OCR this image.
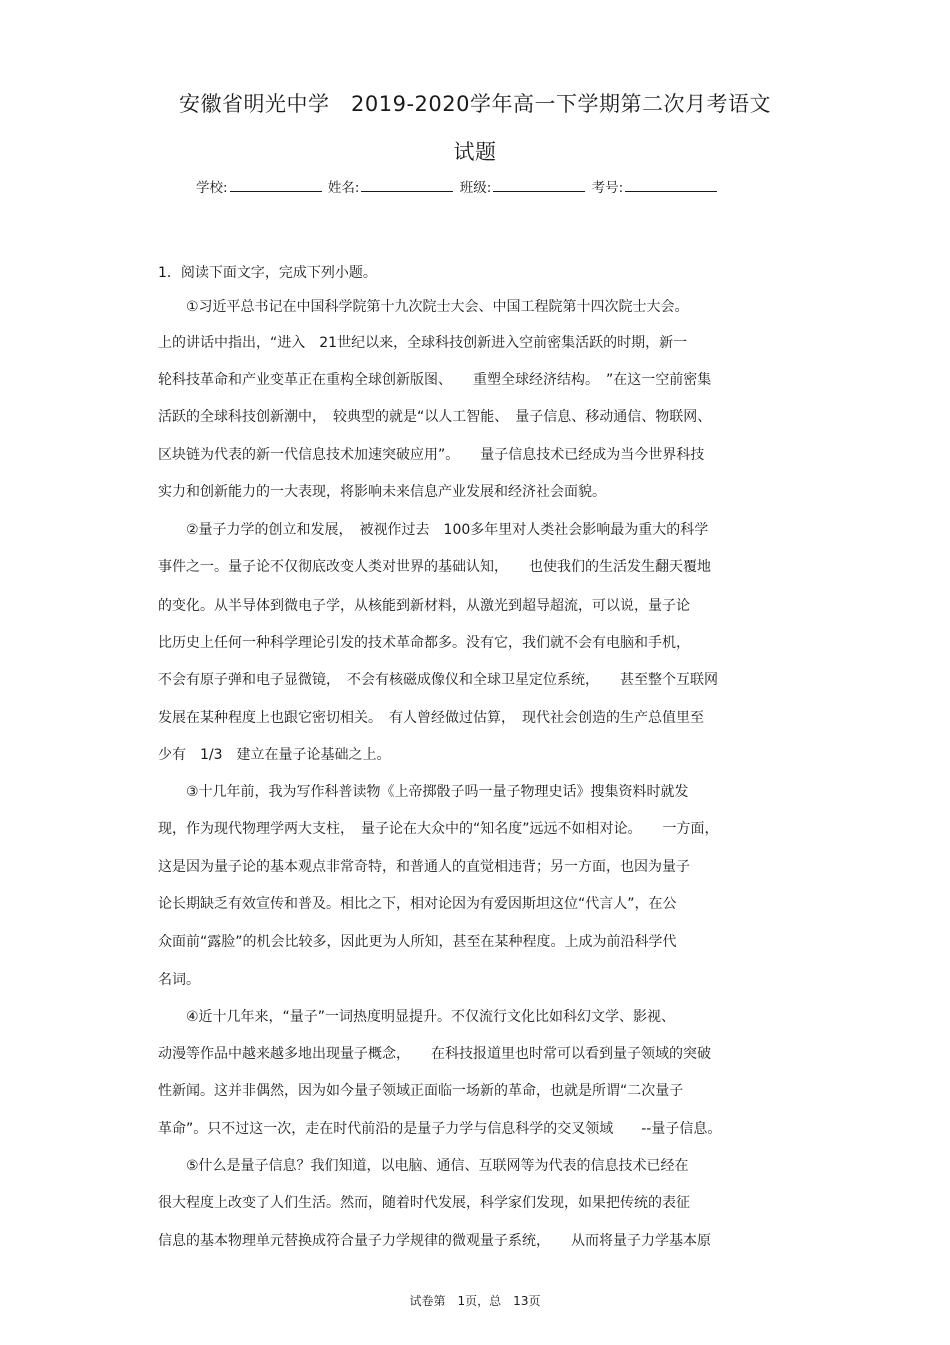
安徽省明光中学　2019-2020学年高一下学期第二次月考语文
试题
学校:	姓名:	班级:	考号:
1．阅读下面文字，完成下列小题。
　　①习近平总书记在中国科学院第十九次院士大会、中国工程院第十四次院士大会。
上的讲话中指出，“进入　21世纪以来，全球科技创新进入空前密集活跃的时期，新一
轮科技革命和产业变革正在重构全球创新版图、　　重塑全球经济结构。　”在这一空前密集
活跃的全球科技创新潮中，　较典型的就是“以人工智能、　量子信息、移动通信、物联网、
区块链为代表的新一代信息技术加速突破应用”。　　量子信息技术已经成为当今世界科技
实力和创新能力的一大表现，将影响未来信息产业发展和经济社会面貌。
　　②量子力学的创立和发展，　被视作过去　100多年里对人类社会影响最为重大的科学
事件之一。量子论不仅彻底改变人类对世界的基础认知，　　也使我们的生活发生翻天覆地
的变化。从半导体到微电子学，从核能到新材料，从激光到超导超流，可以说，量子论
比历史上任何一种科学理论引发的技术革命都多。没有它，我们就不会有电脑和手机，
不会有原子弹和电子显微镜，　不会有核磁成像仪和全球卫星定位系统，　　甚至整个互联网
发展在某种程度上也跟它密切相关。　有人曾经做过估算，　现代社会创造的生产总值里至
少有　1/3　建立在量子论基础之上。
　　③十几年前，我为写作科普读物《上帝掷骰子吗一量子物理史话》搜集资料时就发
现，作为现代物理学两大支柱，　量子论在大众中的“知名度”远远不如相对论。　　一方面，
这是因为量子论的基本观点非常奇特，和普通人的直觉相违背；另一方面，也因为量子
论长期缺乏有效宣传和普及。相比之下，相对论因为有爱因斯坦这位“代言人”，在公
众面前“露脸”的机会比较多，因此更为人所知，甚至在某种程度。上成为前沿科学代
名词。
　　④近十几年来，“量子”一词热度明显提升。不仅流行文化比如科幻文学、影视、
动漫等作品中越来越多地出现量子概念，　　在科技报道里也时常可以看到量子领域的突破
性新闻。这并非偶然，因为如今量子领域正面临一场新的革命，也就是所谓“二次量子
革命”。只不过这一次，走在时代前沿的是量子力学与信息科学的交叉领域　　--量子信息。
　　⑤什么是量子信息？我们知道，以电脑、通信、互联网等为代表的信息技术已经在
很大程度上改变了人们生活。然而，随着时代发展，科学家们发现，如果把传统的表征
信息的基本物理单元替换成符合量子力学规律的微观量子系统，　　从而将量子力学基本原
试卷第　1页，总　13页
